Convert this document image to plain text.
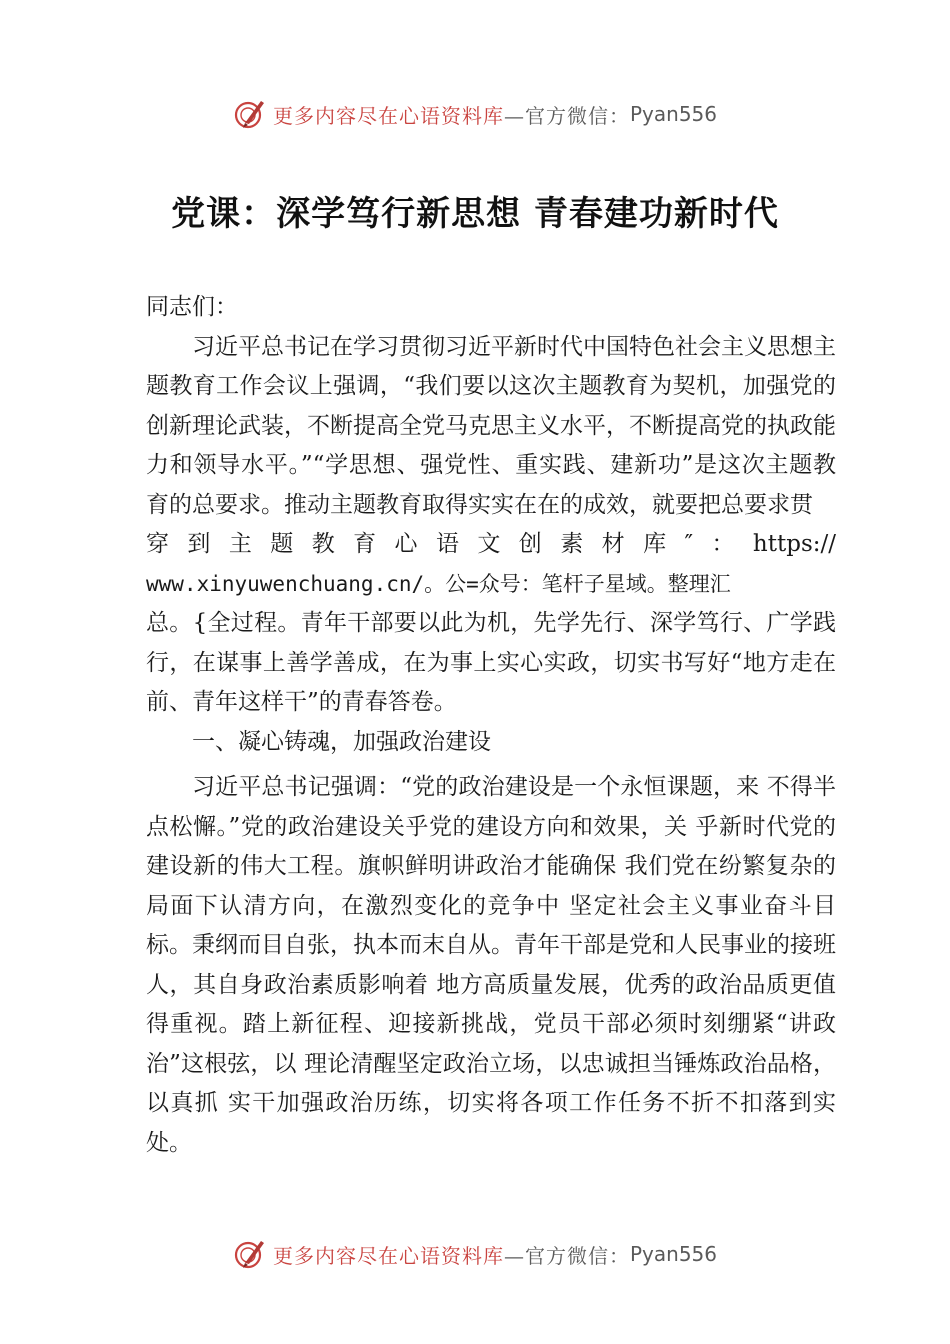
更多内容尽在心语资料库 —官方微信： Pyan556
党课：深学笃行新思想 青春建功新时代

同志们：

习近平总书记在学习贯彻习近平新时代中国特色社会主义思想主题教育工作会议上强调，“我们要以这次主题教育为契机，加强党的创新理论武装，不断提高全党马克思主义水平，不断提高党的执政能力和领导水平。”“学思想、强党性、重实践、建新功”是这次主题教育的总要求。推动主题教育取得实实在在的成效，就要把总要求贯

穿到主题教育心语文创素材库″：https://

www.xinyuwenchuang.cn/。公=众号：笔杆子星域。整理汇

总。{全过程。青年干部要以此为机，先学先行、深学笃行、广学践行，在谋事上善学善成，在为事上实心实政，切实书写好“地方走在前、青年这样干”的青春答卷。

一、凝心铸魂，加强政治建设

习近平总书记强调：“党的政治建设是一个永恒课题，来 不得半点松懈。”党的政治建设关乎党的建设方向和效果，关 乎新时代党的建设新的伟大工程。旗帜鲜明讲政治才能确保 我们党在纷繁复杂的局面下认清方向，在激烈变化的竞争中 坚定社会主义事业奋斗目标。秉纲而目自张，执本而末自从。青年干部是党和人民事业的接班人，其自身政治素质影响着 地方高质量发展，优秀的政治品质更值得重视。踏上新征程、迎接新挑战，党员干部必须时刻绷紧“讲政治”这根弦，以 理论清醒坚定政治立场，以忠诚担当锤炼政治品格，以真抓 实干加强政治历练，切实将各项工作任务不折不扣落到实处。

更多内容尽在心语资料库 —官方微信： Pyan556
